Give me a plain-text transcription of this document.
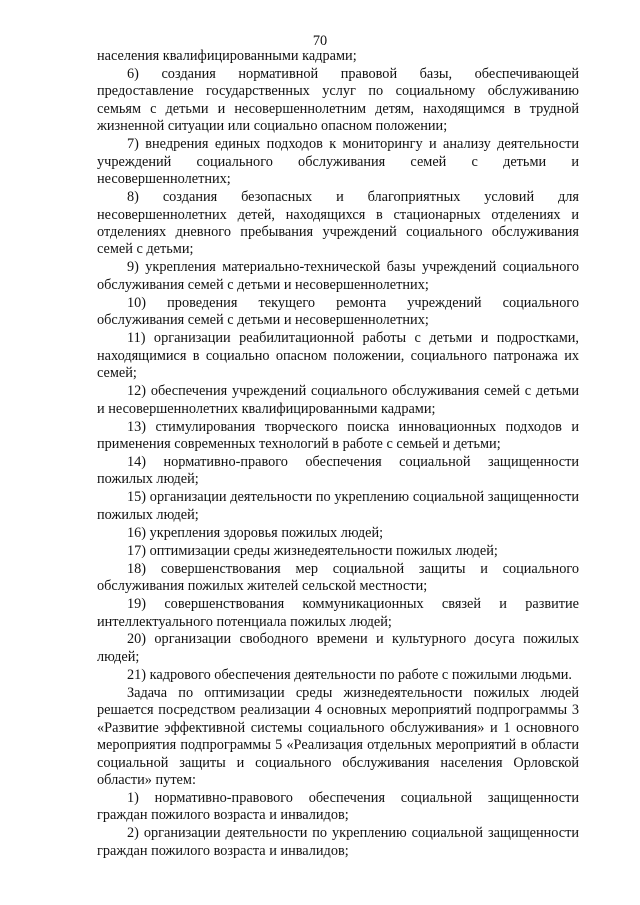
70

населения квалифицированными кадрами;

6) создания нормативной правовой базы, обеспечивающей предоставление государственных услуг по социальному обслуживанию семьям с детьми и несовершеннолетним детям, находящимся в трудной жизненной ситуации или социально опасном положении;

7) внедрения единых подходов к мониторингу и анализу деятельности учреждений социального обслуживания семей с детьми и несовершеннолетних;

8) создания безопасных и благоприятных условий для несовершеннолетних детей, находящихся в стационарных отделениях и отделениях дневного пребывания учреждений социального обслуживания семей с детьми;

9) укрепления материально-технической базы учреждений социального обслуживания семей с детьми и несовершеннолетних;

10) проведения текущего ремонта учреждений социального обслуживания семей с детьми и несовершеннолетних;

11) организации реабилитационной работы с детьми и подростками, находящимися в социально опасном положении, социального патронажа их семей;

12) обеспечения учреждений социального обслуживания семей с детьми и несовершеннолетних квалифицированными кадрами;

13) стимулирования творческого поиска инновационных подходов и применения современных технологий в работе с семьей и детьми;

14) нормативно-правого обеспечения социальной защищенности пожилых людей;

15) организации деятельности по укреплению социальной защищенности пожилых людей;

16) укрепления здоровья пожилых людей;

17) оптимизации среды жизнедеятельности пожилых людей;

18) совершенствования мер социальной защиты и социального обслуживания пожилых жителей сельской местности;

19) совершенствования коммуникационных связей и развитие интеллектуального потенциала пожилых людей;

20) организации свободного времени и культурного досуга пожилых людей;

21) кадрового обеспечения деятельности по работе с пожилыми людьми.

Задача по оптимизации среды жизнедеятельности пожилых людей решается посредством реализации 4 основных мероприятий подпрограммы 3 «Развитие эффективной системы социального обслуживания» и 1 основного мероприятия подпрограммы 5 «Реализация отдельных мероприятий в области социальной защиты и социального обслуживания населения Орловской области» путем:

1) нормативно-правового обеспечения социальной защищенности граждан пожилого возраста и инвалидов;

2) организации деятельности по укреплению социальной защищенности граждан пожилого возраста и инвалидов;
